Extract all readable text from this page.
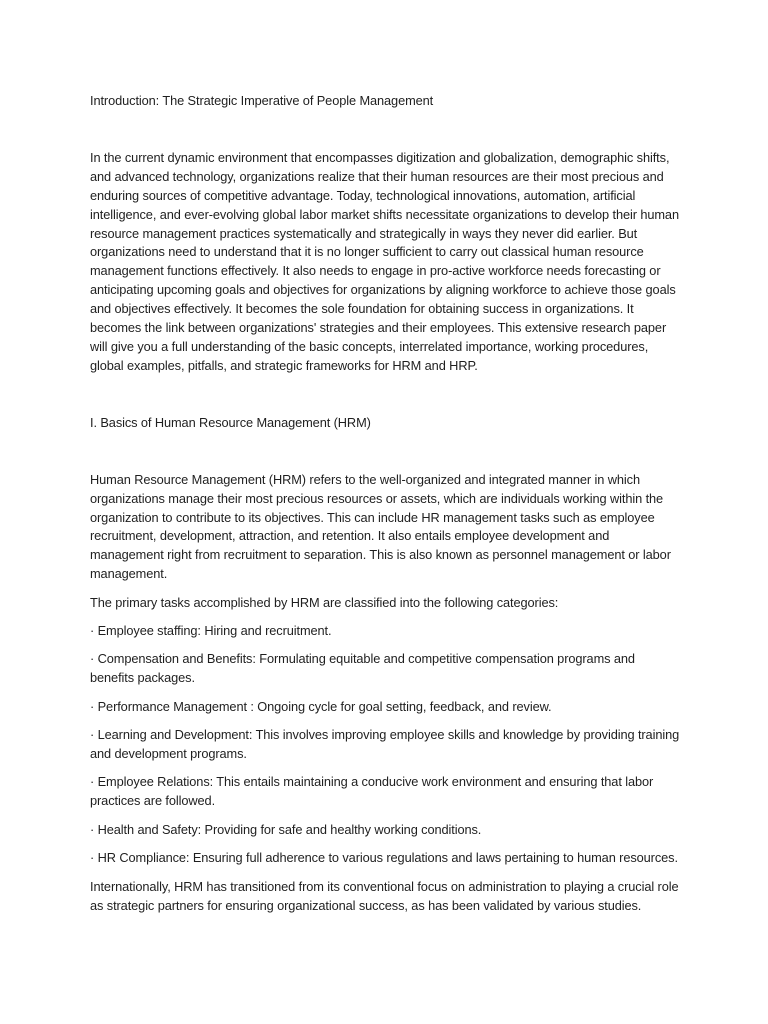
Introduction: The Strategic Imperative of People Management

In the current dynamic environment that encompasses digitization and globalization, demographic shifts, and advanced technology, organizations realize that their human resources are their most precious and enduring sources of competitive advantage. Today, technological innovations, automation, artificial intelligence, and ever-evolving global labor market shifts necessitate organizations to develop their human resource management practices systematically and strategically in ways they never did earlier. But organizations need to understand that it is no longer sufficient to carry out classical human resource management functions effectively. It also needs to engage in pro-active workforce needs forecasting or anticipating upcoming goals and objectives for organizations by aligning workforce to achieve those goals and objectives effectively. It becomes the sole foundation for obtaining success in organizations. It becomes the link between organizations' strategies and their employees. This extensive research paper will give you a full understanding of the basic concepts, interrelated importance, working procedures, global examples, pitfalls, and strategic frameworks for HRM and HRP.

I. Basics of Human Resource Management (HRM)

Human Resource Management (HRM) refers to the well-organized and integrated manner in which organizations manage their most precious resources or assets, which are individuals working within the organization to contribute to its objectives. This can include HR management tasks such as employee recruitment, development, attraction, and retention. It also entails employee development and management right from recruitment to separation. This is also known as personnel management or labor management.

The primary tasks accomplished by HRM are classified into the following categories:

· Employee staffing: Hiring and recruitment.
· Compensation and Benefits: Formulating equitable and competitive compensation programs and benefits packages.
· Performance Management : Ongoing cycle for goal setting, feedback, and review.
· Learning and Development: This involves improving employee skills and knowledge by providing training and development programs.
· Employee Relations: This entails maintaining a conducive work environment and ensuring that labor practices are followed.
· Health and Safety: Providing for safe and healthy working conditions.
· HR Compliance: Ensuring full adherence to various regulations and laws pertaining to human resources.

Internationally, HRM has transitioned from its conventional focus on administration to playing a crucial role as strategic partners for ensuring organizational success, as has been validated by various studies.
